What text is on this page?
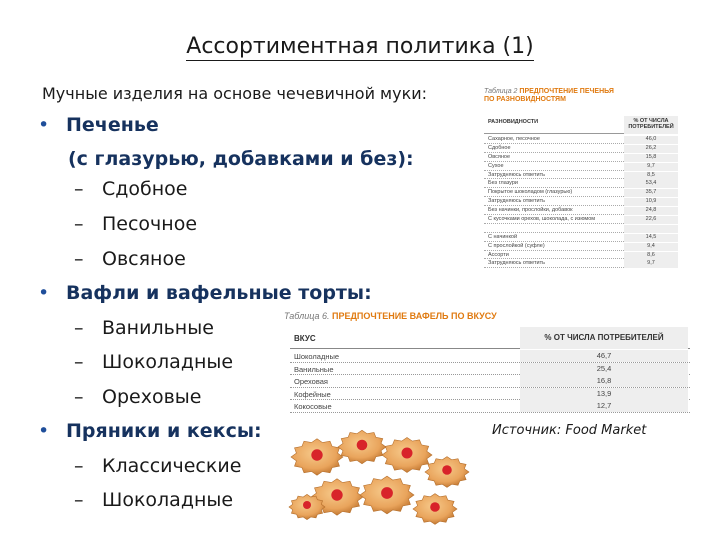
Ассортиментная политика (1)
Мучные изделия на основе чечевичной муки:
• Печенье
(с глазурью, добавками и без):
– Сдобное
– Песочное
– Овсяное
• Вафли и вафельные торты:
– Ванильные
– Шоколадные
– Ореховые
• Пряники и кексы:
– Классические
– Шоколадные
Таблица 2 ПРЕДПОЧТЕНИЕ ПЕЧЕНЬЯ
ПО РАЗНОВИДНОСТЯМ
РАЗНОВИДНОСТИ	% ОТ ЧИСЛА ПОТРЕБИТЕЛЕЙ
Сахарное, песочное	46,0
Сдобное	26,2
Овсяное	15,8
Сухое	9,7
Затрудняюсь ответить	8,5
Без глазури	53,4
Покрытое шоколадом (глазурью)	35,7
Затрудняюсь ответить	10,9
Без начинки, прослойки, добавок	24,8
С кусочками орехов, шоколада, с изюмом	22,6
С начинкой	14,5
С прослойкой (суфле)	9,4
Ассорти	8,6
Затрудняюсь ответить	9,7
Таблица 6. ПРЕДПОЧТЕНИЕ ВАФЕЛЬ ПО ВКУСУ
ВКУС	% ОТ ЧИСЛА ПОТРЕБИТЕЛЕЙ
Шоколадные	46,7
Ванильные	25,4
Ореховая	16,8
Кофейные	13,9
Кокосовые	12,7
Источник: Food Market
